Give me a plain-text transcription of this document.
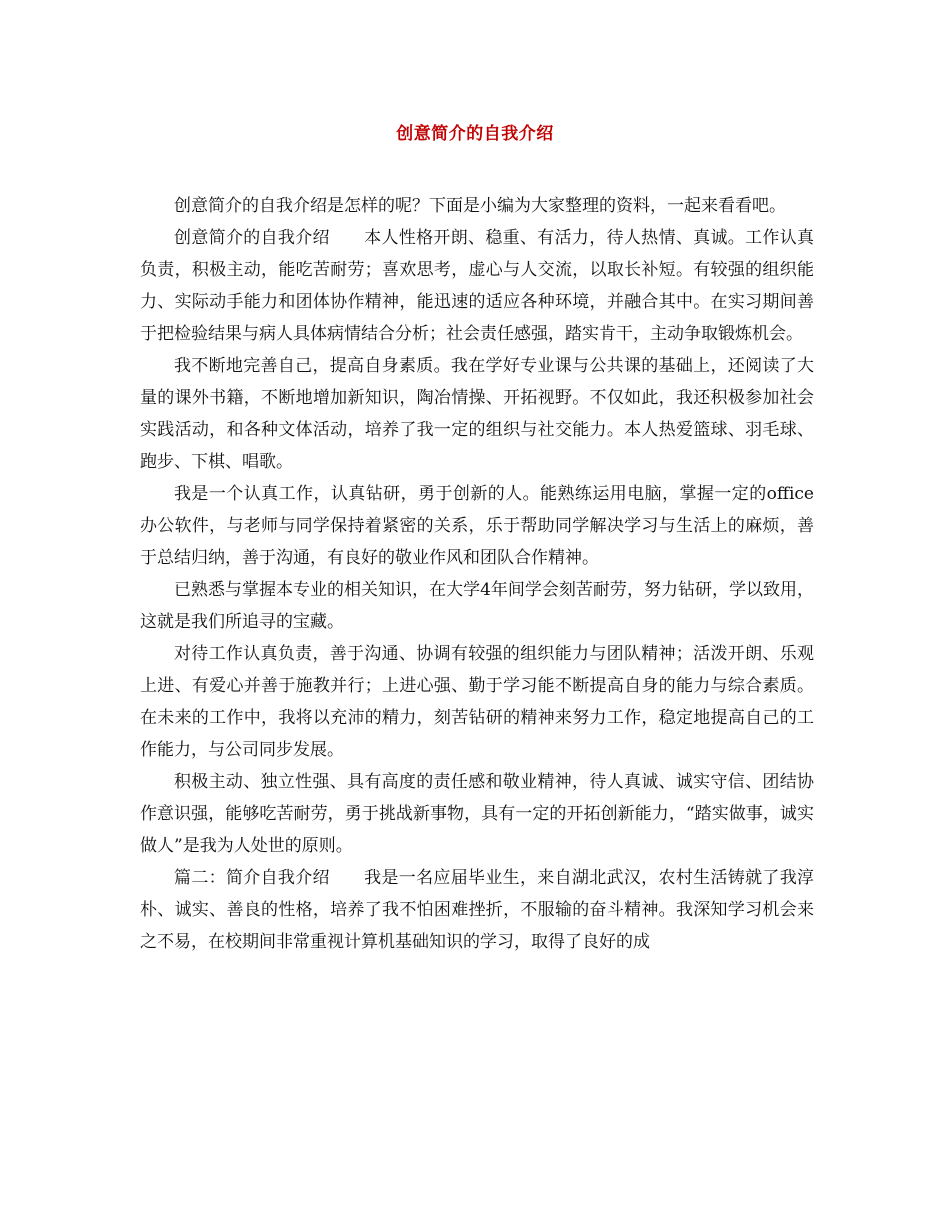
创意简介的自我介绍

创意简介的自我介绍是怎样的呢？下面是小编为大家整理的资料，一起来看看吧。

创意简介的自我介绍 本人性格开朗、稳重、有活力，待人热情、真诚。工作认真负责，积极主动，能吃苦耐劳；喜欢思考，虚心与人交流，以取长补短。有较强的组织能力、实际动手能力和团体协作精神，能迅速的适应各种环境，并融合其中。在实习期间善于把检验结果与病人具体病情结合分析；社会责任感强，踏实肯干，主动争取锻炼机会。

我不断地完善自己，提高自身素质。我在学好专业课与公共课的基础上，还阅读了大量的课外书籍，不断地增加新知识，陶冶情操、开拓视野。不仅如此，我还积极参加社会实践活动，和各种文体活动，培养了我一定的组织与社交能力。本人热爱篮球、羽毛球、跑步、下棋、唱歌。

我是一个认真工作，认真钻研，勇于创新的人。能熟练运用电脑，掌握一定的office办公软件，与老师与同学保持着紧密的关系，乐于帮助同学解决学习与生活上的麻烦，善于总结归纳，善于沟通，有良好的敬业作风和团队合作精神。

已熟悉与掌握本专业的相关知识，在大学4年间学会刻苦耐劳，努力钻研，学以致用，这就是我们所追寻的宝藏。

对待工作认真负责，善于沟通、协调有较强的组织能力与团队精神；活泼开朗、乐观上进、有爱心并善于施教并行；上进心强、勤于学习能不断提高自身的能力与综合素质。在未来的工作中，我将以充沛的精力，刻苦钻研的精神来努力工作，稳定地提高自己的工作能力，与公司同步发展。

积极主动、独立性强、具有高度的责任感和敬业精神，待人真诚、诚实守信、团结协作意识强，能够吃苦耐劳，勇于挑战新事物，具有一定的开拓创新能力，“踏实做事，诚实做人”是我为人处世的原则。

篇二：简介自我介绍 我是一名应届毕业生，来自湖北武汉，农村生活铸就了我淳朴、诚实、善良的性格，培养了我不怕困难挫折，不服输的奋斗精神。我深知学习机会来之不易，在校期间非常重视计算机基础知识的学习，取得了良好的成
